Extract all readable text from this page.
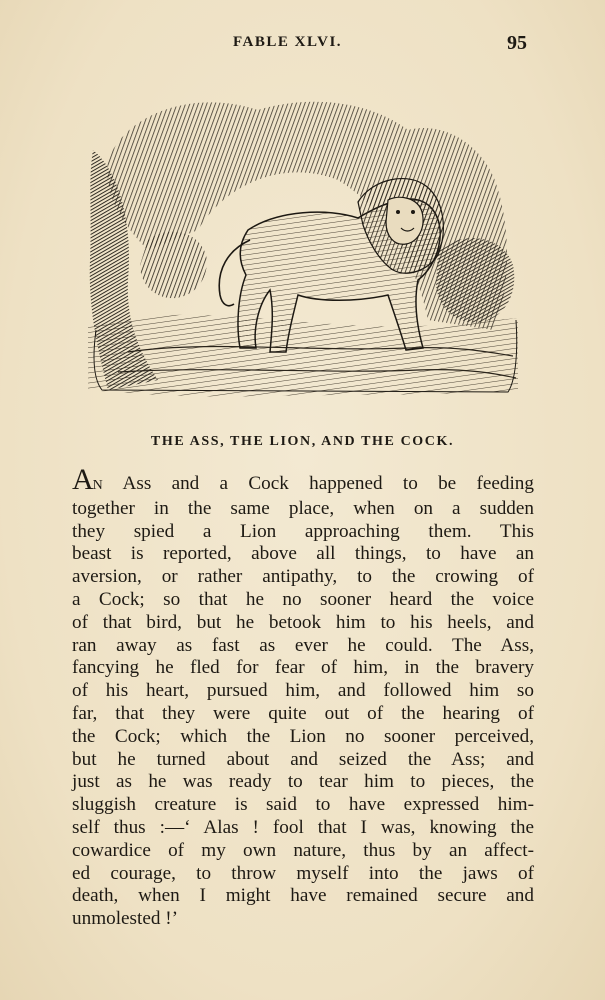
FABLE XLVI.	95
THE ASS, THE LION, AND THE COCK.
AN Ass and a Cock happened to be feeding
together in the same place, when on a sudden
they spied a Lion approaching them. This
beast is reported, above all things, to have an
aversion, or rather antipathy, to the crowing of
a Cock; so that he no sooner heard the voice
of that bird, but he betook him to his heels, and
ran away as fast as ever he could. The Ass,
fancying he fled for fear of him, in the bravery
of his heart, pursued him, and followed him so
far, that they were quite out of the hearing of
the Cock; which the Lion no sooner perceived,
but he turned about and seized the Ass; and
just as he was ready to tear him to pieces, the
sluggish creature is said to have expressed him-
self thus :—‘ Alas ! fool that I was, knowing the
cowardice of my own nature, thus by an affect-
ed courage, to throw myself into the jaws of
death, when I might have remained secure and
unmolested !’
